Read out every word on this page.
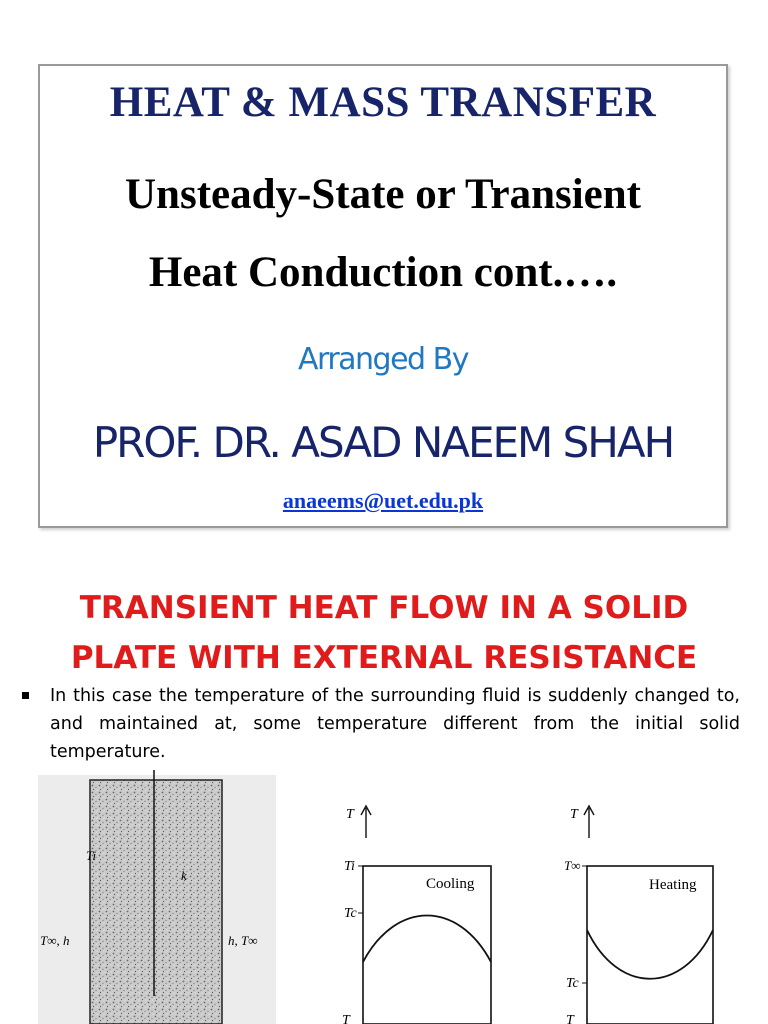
HEAT & MASS TRANSFER
Unsteady-State or Transient
Heat Conduction cont.….
Arranged By
PROF. DR. ASAD NAEEM SHAH
anaeems@uet.edu.pk
TRANSIENT HEAT FLOW IN A SOLID
PLATE WITH EXTERNAL RESISTANCE
In this case the temperature of the surrounding fluid is suddenly changed to, and maintained at, some temperature different from the initial solid temperature.
Ti
k
T∞, h	h, T∞
T
Ti
Tc
Cooling
T
T
T∞
Tc
Heating
T
